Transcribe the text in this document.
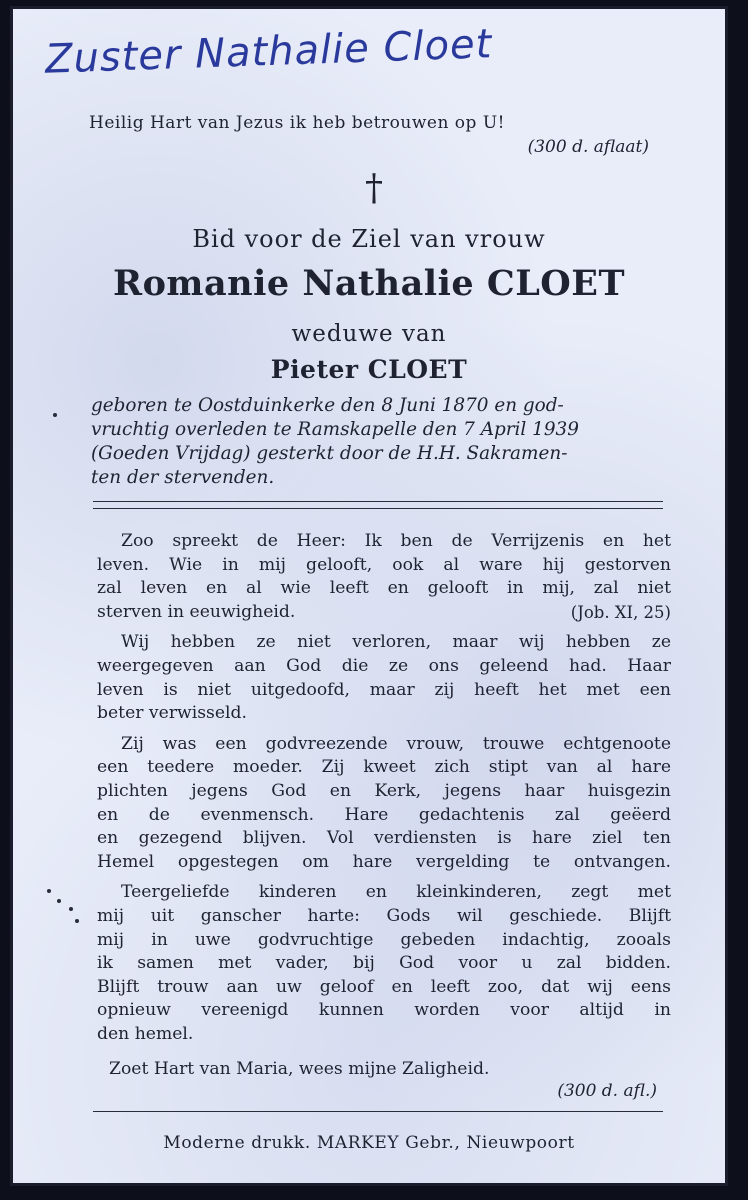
Zuster Nathalie Cloet
Heilig Hart van Jezus ik heb betrouwen op U!
(300 d. aflaat)
†
Bid voor de Ziel van vrouw
Romanie Nathalie CLOET
weduwe van
Pieter CLOET
geboren te Oostduinkerke den 8 Juni 1870 en god-
vruchtig overleden te Ramskapelle den 7 April 1939
(Goeden Vrijdag) gesterkt door de H.H. Sakramen-
ten der stervenden.

Zoo spreekt de Heer: Ik ben de Verrijzenis en het
leven. Wie in mij gelooft, ook al ware hij gestorven
zal leven en al wie leeft en gelooft in mij, zal niet
sterven in eeuwigheid.	(Job. XI, 25)

Wij hebben ze niet verloren, maar wij hebben ze
weergegeven aan God die ze ons geleend had. Haar
leven is niet uitgedoofd, maar zij heeft het met een
beter verwisseld.

Zij was een godvreezende vrouw, trouwe echtgenoote
een teedere moeder. Zij kweet zich stipt van al hare
plichten jegens God en Kerk, jegens haar huisgezin
en de evenmensch. Hare gedachtenis zal geëerd
en gezegend blijven. Vol verdiensten is hare ziel ten
Hemel opgestegen om hare vergelding te ontvangen.

Teergeliefde kinderen en kleinkinderen, zegt met
mij uit ganscher harte: Gods wil geschiede. Blijft
mij in uwe godvruchtige gebeden indachtig, zooals
ik samen met vader, bij God voor u zal bidden.
Blijft trouw aan uw geloof en leeft zoo, dat wij eens
opnieuw vereenigd kunnen worden voor altijd in
den hemel.

Zoet Hart van Maria, wees mijne Zaligheid.
(300 d. afl.)
Moderne drukk. MARKEY Gebr., Nieuwpoort
